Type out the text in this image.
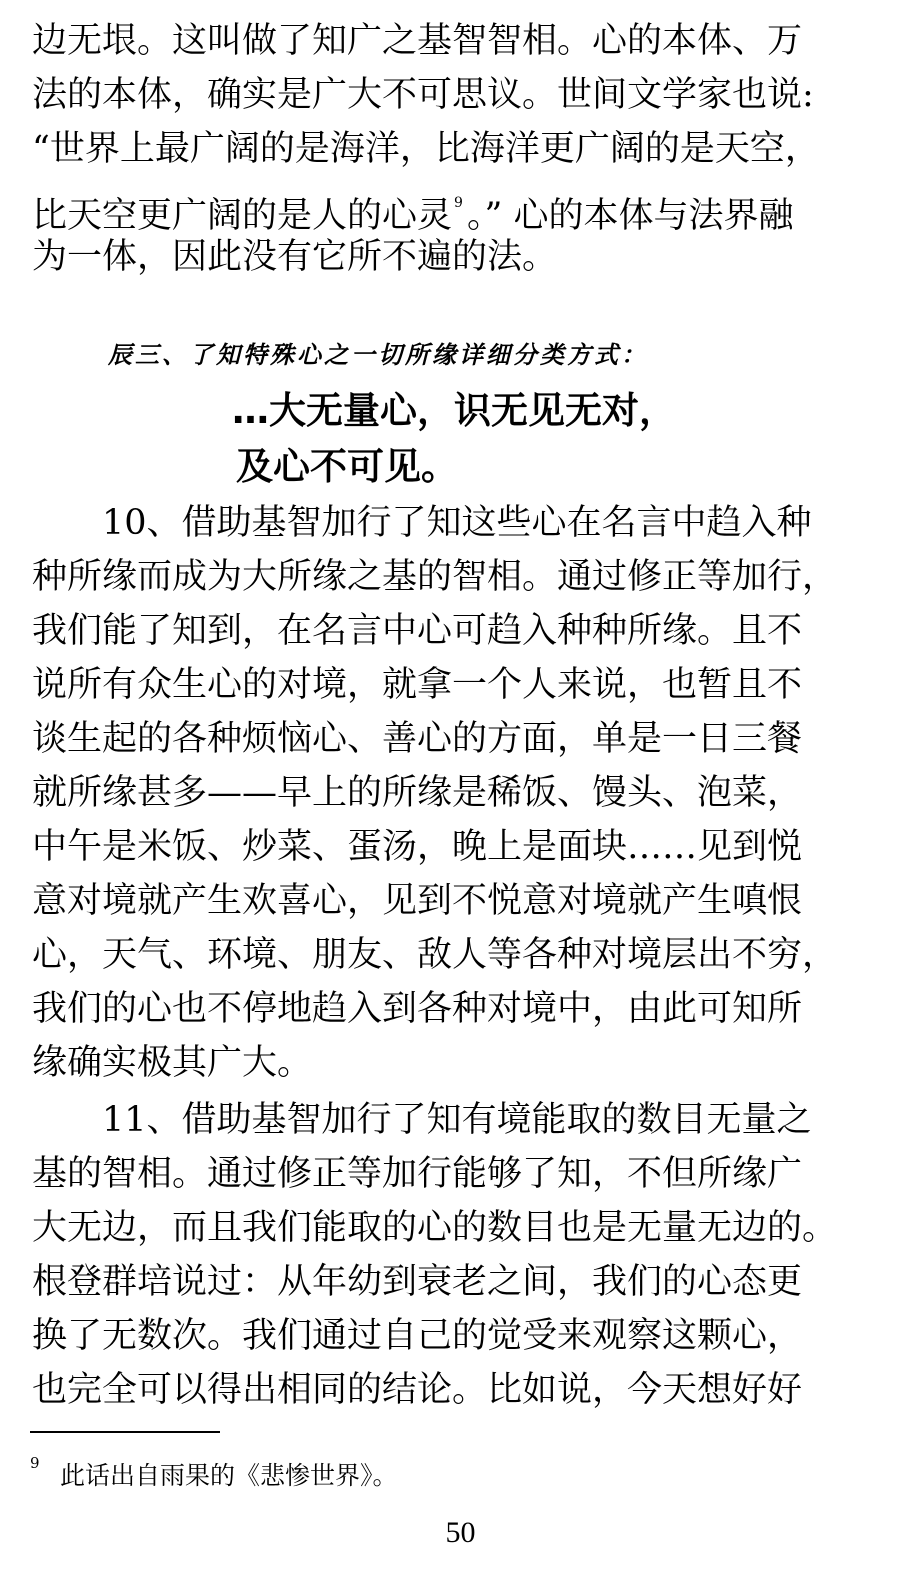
边无垠。这叫做了知广之基智智相。心的本体、万
法的本体，确实是广大不可思议。世间文学家也说:
“世界上最广阔的是海洋，比海洋更广阔的是天空，
比天空更广阔的是人的心灵 $^9$ 。” 心的本体与法界融
为一体，因此没有它所不遍的法。
辰三、了知特殊心之一切所缘详细分类方式：
…大无量心，识无见无对，
及心不可见。
10、借助基智加行了知这些心在名言中趋入种
种所缘而成为大所缘之基的智相。通过修正等加行，
我们能了知到，在名言中心可趋入种种所缘。且不
说所有众生心的对境，就拿一个人来说，也暂且不
谈生起的各种烦恼心、善心的方面，单是一日三餐
就所缘甚多——早上的所缘是稀饭、馒头、泡菜，
中午是米饭、炒菜、蛋汤，晚上是面块……见到悦
意对境就产生欢喜心，见到不悦意对境就产生嗔恨
心，天气、环境、朋友、敌人等各种对境层出不穷，
我们的心也不停地趋入到各种对境中，由此可知所
缘确实极其广大。
11、借助基智加行了知有境能取的数目无量之
基的智相。通过修正等加行能够了知，不但所缘广
大无边，而且我们能取的心的数目也是无量无边的。
根登群培说过：从年幼到衰老之间，我们的心态更
换了无数次。我们通过自己的觉受来观察这颗心，
也完全可以得出相同的结论。比如说，今天想好好
9 此话出自雨果的《悲惨世界》。
50
